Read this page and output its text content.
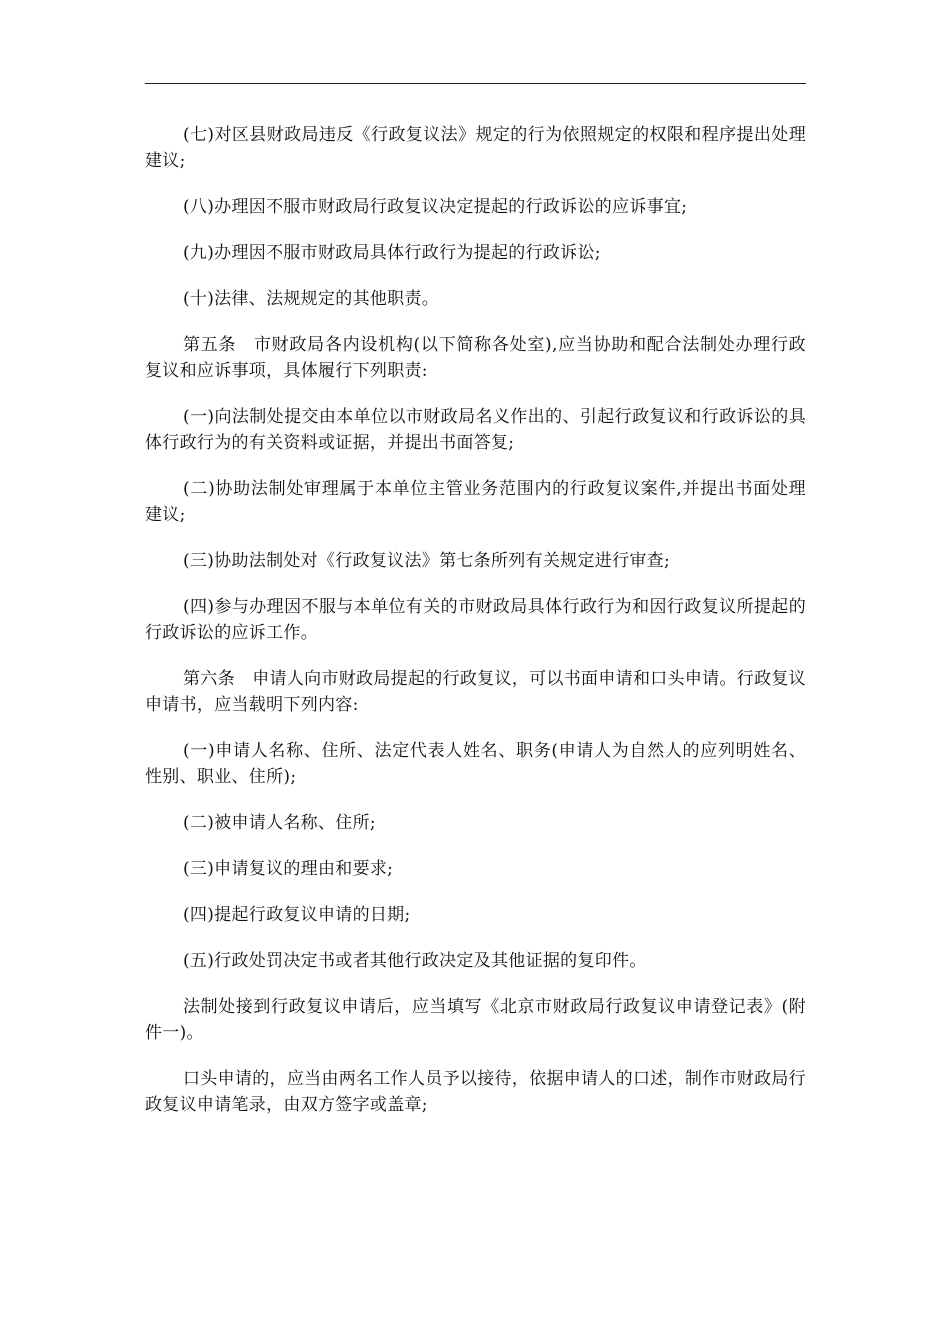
(七)对区县财政局违反《行政复议法》规定的行为依照规定的权限和程序提出处理建议;

(八)办理因不服市财政局行政复议决定提起的行政诉讼的应诉事宜;

(九)办理因不服市财政局具体行政行为提起的行政诉讼;

(十)法律、法规规定的其他职责。

第五条　市财政局各内设机构(以下简称各处室),应当协助和配合法制处办理行政复议和应诉事项，具体履行下列职责:

(一)向法制处提交由本单位以市财政局名义作出的、引起行政复议和行政诉讼的具体行政行为的有关资料或证据，并提出书面答复;

(二)协助法制处审理属于本单位主管业务范围内的行政复议案件,并提出书面处理建议;

(三)协助法制处对《行政复议法》第七条所列有关规定进行审查;

(四)参与办理因不服与本单位有关的市财政局具体行政行为和因行政复议所提起的行政诉讼的应诉工作。

第六条　申请人向市财政局提起的行政复议，可以书面申请和口头申请。行政复议申请书，应当载明下列内容:

(一)申请人名称、住所、法定代表人姓名、职务(申请人为自然人的应列明姓名、性别、职业、住所);

(二)被申请人名称、住所;

(三)申请复议的理由和要求;

(四)提起行政复议申请的日期;

(五)行政处罚决定书或者其他行政决定及其他证据的复印件。

法制处接到行政复议申请后，应当填写《北京市财政局行政复议申请登记表》(附件一)。

口头申请的，应当由两名工作人员予以接待，依据申请人的口述，制作市财政局行政复议申请笔录，由双方签字或盖章;
